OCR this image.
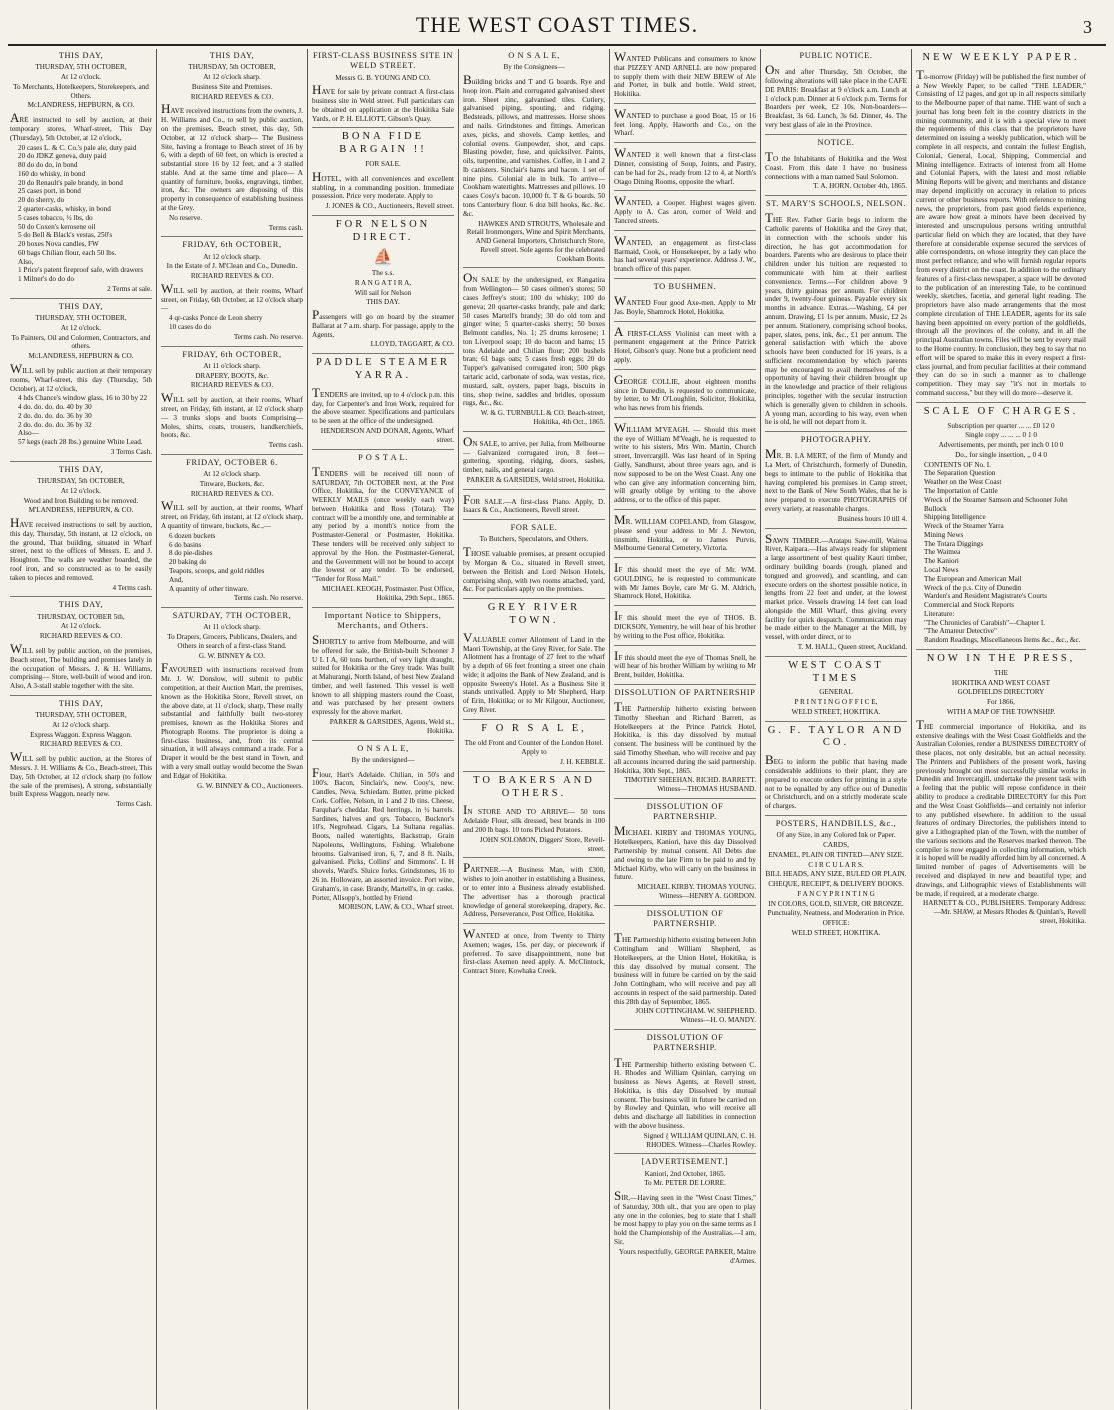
THE WEST COAST TIMES.	3
THIS DAY,
THURSDAY, 5TH OCTOBER,
At 12 o'clock.
To Merchants, Hotelkeepers, Storekeepers, and Others.
McLANDRESS, HEPBURN, & CO.
ARE instructed to sell by auction, at their temporary stores, Wharf-street, This Day (Thursday), 5th October, at 12 o'clock,
20 cases L. & C. Co.'s pale ale, duty paid
20 do JDKZ geneva, duty paid
80 do do do, in bond
160 do whisky, in bond
20 do Renault's pale brandy, in bond
25 cases port, in bond
20 do sherry, do
2 quarter-casks, whisky, in bond
5 cases tobacco, ½ lbs, do
50 do Coxen's kerosene oil
5 do Bell & Black's vestas, 250's
20 boxes Nova candles, FW
60 bags Chilian flour, each 50 lbs.
Also,
1 Price's patent fireproof safe, with drawers
1 Milner's do do do
2 Terms at sale.
THIS DAY,
THURSDAY, 5TH OCTOBER,
At 12 o'clock.
To Painters, Oil and Colormen, Contractors, and others.
McLANDRESS, HEPBURN & CO.
WILL sell by public auction at their temporary rooms, Wharf-street, this day (Thursday, 5th October), at 12 o'clock,
4 hds Chance's window glass, 16 to 30 by 22
4 do. do. do. do. 40 by 30
2 do. do. do. do. 36 by 30
2 do. do. do. do. 36 by 32
Also—
57 kegs (each 28 lbs.) genuine White Lead.
3 Terms Cash.
THIS DAY,
THURSDAY, 5th OCTOBER,
At 12 o'clock.
Wood and Iron Building to be removed.
M'LANDRESS, HEPBURN, & CO.
HAVE received instructions to sell by auction, this day, Thursday, 5th instant, at 12 o'clock, on the ground, That building, situated in Wharf street, next to the offices of Messrs. E. and J. Houghton. The walls are weather boarded, the roof iron, and so constructed as to be easily taken to pieces and removed.
4 Terms cash.
THIS DAY,
THURSDAY, OCTOBER 5th,
At 12 o'clock.
RICHARD REEVES & CO.
WILL sell by public auction, on the premises, Beach street, The building and premises lately in the occupation of Messrs. J. & H. Williams, comprising— Store, well-built of wood and iron. Also, A 3-stall stable together with the site.
THIS DAY,
THURSDAY, 5TH OCTOBER,
At 12 o'clock sharp.
Express Waggon. Express Waggon.
RICHARD REEVES & CO.
WILL sell by public auction, at the Stores of Messrs. J. H. Williams & Co., Beach-street, This Day, 5th October, at 12 o'clock sharp (to follow the sale of the premises), A strong, substantially built Express Waggon, nearly new.
Terms Cash.
THIS DAY,
THURSDAY, 5th OCTOBER,
At 12 o'clock sharp.
Business Site and Premises.
RICHARD REEVES & CO.
HAVE received instructions from the owners, J. H. Williams and Co., to sell by public auction, on the premises, Beach street, this day, 5th October, at 12 o'clock sharp— The Business Site, having a frontage to Beach street of 16 by 6, with a depth of 60 feet, on which is erected a substantial store 16 by 12 feet, and a 3 stalled stable. And at the same time and place— A quantity of furniture, books, engravings, timber, iron, &c. The owners are disposing of this property in consequence of establishing business at the Grey.
No reserve.
Terms cash.
FRIDAY, 6th OCTOBER,
At 12 o'clock sharp.
In the Estate of J. M'Clean and Co., Dunedin.
RICHARD REEVES & CO.
WILL sell by auction, at their rooms, Wharf street, on Friday, 6th October, at 12 o'clock sharp—
4 qr-casks Ponce de Leon sherry
10 cases do do
Terms cash. No reserve.
FRIDAY, 6th OCTOBER,
At 11 o'clock sharp.
DRAPERY, BOOTS, &c.
RICHARD REEVES & CO.
WILL sell by auction, at their rooms, Wharf street, on Friday, 6th instant, at 12 o'clock sharp— 3 trunks slops and boots Comprising— Moles, shirts, coats, trousers, handkerchiefs, boots, &c.
Terms cash.
FRIDAY, OCTOBER 6.
At 12 o'clock sharp.
Tinware, Buckets, &c.
RICHARD REEVES & CO.
WILL sell by auction, at their rooms, Wharf street, on Friday, 6th instant, at 12 o'clock sharp, A quantity of tinware, buckets, &c.,—
6 dozen buckets
6 do basins
8 do pie-dishes
20 baking do
Teapots, scoops, and gold riddles
And,
A quantity of other tinware.
Terms cash. No reserve.
SATURDAY, 7TH OCTOBER,
At 11 o'clock sharp.
To Drapers, Grocers, Publicans, Dealers, and Others in search of a first-class Stand.
G. W. BINNEY & CO.
FAVOURED with instructions received from Mr. J. W. Donslow, will submit to public competition, at their Auction Mart, the premises, known as the Hokitika Store, Revell street, on the above date, at 11 o'clock, sharp, These really substantial and faithfully built two-storey premises, known as the Hokitika Stores and Photograph Rooms. The proprietor is doing a first-class business, and, from its central situation, it will always command a trade. For a Draper it would be the best stand in Town, and with a very small outlay would become the Swan and Edgar of Hokitika.
G. W. BINNEY & CO., Auctioneers.
FIRST-CLASS BUSINESS SITE IN WELD STREET.
Messrs G. B. YOUNG AND CO.
HAVE for sale by private contract A first-class business site in Weld street. Full particulars can be obtained on application at the Hokitika Sale Yards, or P. H. ELLIOTT, Gibson's Quay.
BONA FIDE BARGAIN !!
FOR SALE.
HOTEL, with all conveniences and excellent stabling, in a commanding position. Immediate possession. Price very moderate. Apply to
J. JONES & CO., Auctioneers, Revell street.
FOR NELSON DIRECT.
⛵
The s.s.
R A N G A T I R A,
Will sail for Nelson
THIS DAY.
Passengers will go on board by the steamer Ballarat at 7 a.m. sharp. For passage, apply to the Agents,
LLOYD, TAGGART, & CO.
PADDLE STEAMER YARRA.
TENDERS are invited, up to 4 o'clock p.m. this day, for Carpenter's and Iron Work, required for the above steamer. Specifications and particulars to be seen at the office of the undersigned.
HENDERSON AND DONAR, Agents, Wharf street.
P O S T A L.
TENDERS will be received till noon of SATURDAY, 7th OCTOBER next, at the Post Office, Hokitika, for the CONVEYANCE of WEEKLY MAILS (once weekly each way) between Hokitika and Ross (Totara). The contract will be a monthly one, and terminable at any period by a month's notice from the Postmaster-General or Postmaster, Hokitika. These tenders will be received only subject to approval by the Hon. the Postmaster-General, and the Government will not be bound to accept the lowest or any tender. To be endorsed, "Tender for Ross Mail."
MICHAEL KEOGH, Postmaster. Post Office, Hokitika, 29th Sept., 1865.
Important Notice to Shippers, Merchants, and Others.
SHORTLY to arrive from Melbourne, and will be offered for sale, the British-built Schooner J U L I A, 60 tons burthen, of very light draught, suited for Hokitika or the Grey trade. Was built at Mahurangi, North Island, of best New Zealand timber, and well fastened. This vessel is well known to all shipping masters round the Coast, and was purchased by her present owners expressly for the above market.
PARKER & GARSIDES, Agents, Weld st., Hokitika.
O N S A L E,
By the undersigned—
Flour, Hart's Adelaide. Chilian, in 50's and 100's. Bacon, Sinclair's, new. Cooy's, new. Candles, Neva, Schiedam. Butter, prime picked Cork. Coffee, Nelson, in 1 and 2 lb tins. Cheese, Farquhar's cheddar. Red herrings, in ½ barrels. Sardines, halves and qrs. Tobacco, Bucknor's 10's, Negrohead. Cigars, La Sultana regalias. Boots, nailed watertights, Backstrap, Grain Napoleons, Wellingtons, Fishing. Whalebone brooms. Galvanised iron, 6, 7, and 8 ft. Nails, galvanised. Picks, Collins' and Simmons'. L H shovels, Ward's. Sluice forks. Grindstones, 16 to 26 in. Holloware, an assorted invoice. Port wine, Graham's, in case. Brandy, Martell's, in qr. casks. Porter, Allsopp's, bottled by Friend
MORISON, LAW, & CO., Wharf street.
O N S A L E,
By the Consignees—
Building bricks and T and G boards. Rye and hoop iron. Plain and corrugated galvanised sheet iron. Sheet zinc, galvanised tiles. Cutlery, galvanised piping, spouting, and ridging. Bedsteads, pillows, and mattresses. Horse shoes and nails. Grindstones and fittings. American axes, picks, and shovels. Camp kettles, and colonial ovens. Gunpowder, shot, and caps. Blasting powder, fuse, and quicksilver. Paints, oils, turpentine, and varnishes. Coffee, in 1 and 2 lb canisters. Sinclair's hams and bacon. 1 set of nine pins. Colonial ale in bulk. To arrive— Cookham watertights. Mattresses and pillows. 10 cases Cosy's bacon. 10,000 ft. T & G boards. 50 tons Canterbury flour. 6 doz bill hooks, &c. &c. &c.
HAWKES AND STROUTS, Wholesale and Retail Ironmongers, Wine and Spirit Merchants, AND General Importers, Christchurch Store, Revell street. Sole agents for the celebrated Cookham Boots.
ON SALE by the undersigned, ex Rangatira from Wellington— 50 cases oilmen's stores; 50 cases Jeffrey's stout; 100 do whisky; 100 do geneva; 20 quarter-casks brandy, pale and dark; 50 cases Martell's brandy; 30 do old tom and ginger wine; 5 quarter-casks sherry; 50 boxes Belmont candles, No. 1; 25 drums kerosene; 1 ton Liverpool soap; 10 do bacon and hams; 15 tons Adelaide and Chilian flour; 200 bushels bran; 61 bags oats; 5 cases fresh eggs; 20 do Tupper's galvanised corrugated iron; 500 pkgs tartaric acid, carbonate of soda, wax vestas, rice, mustard, salt, oysters, paper bags, biscuits in tins, shop twine, saddles and bridles, opossum rugs, &c., &c.
W. & G. TURNBULL & CO. Beach-street, Hokitika, 4th Oct., 1865.
ON SALE, to arrive, per Julia, from Melbourne— Galvanized corrugated iron, 8 feet—guttering, spouting, ridging, doors, sashes, timber, nails, and general cargo.
PARKER & GARSIDES, Weld street, Hokitika.
FOR SALE.—A first-class Piano. Apply, D. Isaacs & Co., Auctioneers, Revell street.
FOR SALE.
To Butchers, Speculators, and Others.
THOSE valuable premises, at present occupied by Morgan & Co., situated in Revell street, between the British and Lord Nelson Hotels, comprising shop, with two rooms attached, yard, &c. For particulars apply on the premises.
GREY RIVER TOWN.
VALUABLE corner Allotment of Land in the Maori Township, at the Grey River, for Sale. The Allotment has a frontage of 27 feet to the wharf by a depth of 66 feet fronting a street one chain wide; it adjoins the Bank of New Zealand, and is opposite Sweeny's Hotel. As a Business Site it stands unrivalled. Apply to Mr Shepherd, Harp of Erin, Hokitika; or to Mr Kilgour, Auctioneer, Grey River.
F O R S A L E,
The old Front and Counter of the London Hotel.
Apply to
J. H. KEBBLE.
TO BAKERS AND OTHERS.
IN STORE AND TO ARRIVE— 50 tons Adelaide Flour, silk dressed, best brands in 100 and 200 lb bags. 10 tons Picked Potatoes.
JOHN SOLOMON, Diggers' Store, Revell-street.
PARTNER.—A Business Man, with £300, wishes to join another in establishing a Business, or to enter into a Business already established. The advertiser has a thorough practical knowledge of general storekeeping, drapery, &c. Address, Perseverance, Post Office, Hokitika.
WANTED at once, from Twenty to Thirty Axemen; wages, 15s. per day, or piecework if preferred. To save disappointment, none but first-class Axemen need apply. A. McClintock, Contract Store, Kowhaka Creek.
WANTED Publicans and consumers to know that PIZZEY AND ARNELL are now prepared to supply them with their NEW BREW of Ale and Porter, in bulk and bottle. Weld street, Hokitika.
WANTED to purchase a good Boat, 15 or 16 feet long. Apply, Haworth and Co., on the Wharf.
WANTED it well known that a first-class Dinner, consisting of Soup, Joints, and Pastry, can be had for 2s., ready from 12 to 4, at North's Otago Dining Rooms, opposite the wharf.
WANTED, a Cooper. Highest wages given. Apply to A. Cas aron, corner of Weld and Tancred streets.
WANTED, an engagement as first-class Barmaid, Cook, or Housekeeper, by a lady who has had several years' experience. Address J. W., branch office of this paper.
TO BUSHMEN.
WANTED Four good Axe-men. Apply to Mr Jas. Boyle, Shamrock Hotel, Hokitika.
A FIRST-CLASS Violinist can meet with a permanent engagement at the Prince Patrick Hotel, Gibson's quay. None but a proficient need apply.
GEORGE COLLIE, about eighteen months since in Dunedin, is requested to communicate, by letter, to Mr O'Loughlin, Solicitor, Hokitika, who has news from his friends.
WILLIAM M'VEAGH. — Should this meet the eye of William M'Veagh, he is requested to write to his sisters, Mrs Wm. Martin, Church street, Invercargill. Was last heard of in Spring Gully, Sandhurst, about three years ago, and is now supposed to be on the West Coast. Any one who can give any information concerning him, will greatly oblige by writing to the above address, or to the office of this paper.
MR. WILLIAM COPELAND, from Glasgow, please send your address to Mr J. Newton, tinsmith, Hokitika, or to James Purvis, Melbourne General Cemetery, Victoria.
IF this should meet the eye of Mr. WM. GOULDING, he is requested to communicate with Mr James Boyle, care Mr G. M. Aldrich, Shamrock Hotel, Hokitika.
IF this should meet the eye of THOS. B. DICKSON, Yementry, he will hear of his brother by writing to the Post office, Hokitika.
IF this should meet the eye of Thomas Snell, he will hear of his brother William by writing to Mr Brent, builder, Hokitika.
DISSOLUTION OF PARTNERSHIP
THE Partnership hitherto existing between Timothy Sheehan and Richard Barrett, as Hotelkeepers at the Prince Patrick Hotel, Hokitika, is this day dissolved by mutual consent. The business will be continued by the said Timothy Sheehan, who will receive and pay all accounts incurred during the said partnership. Hokitika, 30th Sept., 1865.
TIMOTHY SHEEHAN. RICHD. BARRETT. Witness—THOMAS HUSBAND.
DISSOLUTION OF PARTNERSHIP.
MICHAEL KIRBY and THOMAS YOUNG, Hotelkeepers, Kaniori, have this day Dissolved Partnership by mutual consent. All Debts due and owing to the late Firm to be paid to and by Michael Kirby, who will carry on the business in future.
MICHAEL KIRBY. THOMAS YOUNG. Witness—HENRY A. GORDON.
DISSOLUTION OF PARTNERSHIP.
THE Partnership hitherto existing between John Cottingham and William Shepherd, as Hotelkeepers, at the Union Hotel, Hokitika, is this day dissolved by mutual consent. The business will in future be carried on by the said John Cottingham, who will receive and pay all accounts in respect of the said partnership. Dated this 28th day of September, 1865.
JOHN COTTINGHAM. W. SHEPHERD. Witness—H. O. MANDY.
DISSOLUTION OF PARTNERSHIP.
THE Partnership hitherto existing between C. H. Rhodes and William Quinlan, carrying on business as News Agents, at Revell street, Hokitika, is this day Dissolved by mutual consent. The business will in future be carried on by Rowley and Quinlan, who will receive all debts and discharge all liabilities in connection with the above business.
Signed { WILLIAM QUINLAN, C. H. RHODES. Witness—Charles Rowley.
[ADVERTISEMENT.]
Kaniori, 2nd October, 1865.
To Mr. PETER DE LORRE.
SIR,—Having seen in the "West Coast Times," of Saturday, 30th ult., that you are open to play any one in the colonies, beg to state that I shall be most happy to play you on the same terms as I hold the Championship of the Australias.—I am, Sir,
Yours respectfully, GEORGE PARKER, Maître d'Armes.
PUBLIC NOTICE.
ON and after Thursday, 5th October, the following alterations will take place in the CAFE DE PARIS: Breakfast at 9 o'clock a.m. Lunch at 1 o'clock p.m. Dinner at 6 o'clock p.m. Terms for Boarders per week, £2 10s. Non-boarders— Breakfast, 3s 6d. Lunch, 3s 6d. Dinner, 4s. The very best glass of ale in the Province.
NOTICE.
TO the Inhabitants of Hokitika and the West Coast. From this date I have no business connections with a man named Saul Solomon.
T. A. HORN. October 4th, 1865.
ST. MARY'S SCHOOLS, NELSON.
THE Rev. Father Garin begs to inform the Catholic parents of Hokitika and the Grey that, in connection with the schools under his direction, he has got accommodation for boarders. Parents who are desirous to place their children under his tuition are requested to communicate with him at their earliest convenience. Terms.—For children above 9 years, thirty guineas per annum. For children under 9, twenty-four guineas. Payable every six months in advance. Extras.—Washing, £4 per annum. Drawing, £1 1s per annum. Music, £2 2s per annum. Stationery, comprising school books, paper, slates, pens, ink, &c., £1 per annum. The general satisfaction with which the above schools have been conducted for 16 years, is a sufficient recommendation by which parents may be encouraged to avail themselves of the opportunity of having their children brought up in the knowledge and practice of their religious principles, together with the secular instruction which is generally given to children in schools. A young man, according to his way, even when he is old, he will not depart from it.
PHOTOGRAPHY.
MR. B. LA MERT, of the firm of Mundy and La Mert, of Christchurch, formerly of Dunedin, begs to intimate to the public of Hokitika that having completed his premises in Camp street, next to the Bank of New South Wales, that he is now prepared to execute PHOTOGRAPHS Of every variety, at reasonable charges.
Business hours 10 till 4.
SAWN TIMBER.—Aratapu Saw-mill, Wairoa River, Kaipara.—Has always ready for shipment a large assortment of best quality Kauri timber, ordinary building boards (rough, planed and tongued and grooved), and scantling, and can execute orders on the shortest possible notice, in lengths from 22 feet and under, at the lowest market price. Vessels drawing 14 feet can load alongside the Mill Wharf, thus giving every facility for quick despatch. Communication may be made either to the Manager at the Mill, by vessel, with order direct, or to
T. M. HALL, Queen street, Auckland.
WEST COAST TIMES
GENERAL
P R I N T I N G O F F I C E,
WELD STREET, HOKITIKA.
G. F. TAYLOR AND CO.
BEG to inform the public that having made considerable additions to their plant, they are prepared to execute orders for printing in a style not to be equalled by any office out of Dunedin or Christchurch, and on a strictly moderate scale of charges.
POSTERS, HANDBILLS, &c.,
Of any Size, in any Colored Ink or Paper.
CARDS,
ENAMEL, PLAIN OR TINTED—ANY SIZE.
C I R C U L A R S.
BILL HEADS, ANY SIZE, RULED OR PLAIN.
CHEQUE, RECEIPT, & DELIVERY BOOKS.
F A N C Y P R I N T I N G
IN COLORS, GOLD, SILVER, OR BRONZE.
Punctuality, Neatness, and Moderation in Price.
OFFICE:
WELD STREET, HOKITIKA.
NEW WEEKLY PAPER.
To-morrow (Friday) will be published the first number of a New Weekly Paper, to be called "THE LEADER," Consisting of 12 pages, and got up in all respects similarly to the Melbourne paper of that name. THE want of such a journal has long been felt in the country districts in the mining community, and it is with a special view to meet the requirements of this class that the proprietors have determined on issuing a weekly publication, which will be complete in all respects, and contain the fullest English, Colonial, General, Local, Shipping, Commercial and Mining intelligence. Extracts of interest from all Home and Colonial Papers, with the latest and most reliable Mining Reports will be given; and merchants and distance may depend implicitly on accuracy in relation to prices current or other business reports. With reference to mining news, the proprietors, from past good fields experience, are aware how great a minors have been deceived by interested and unscrupulous persons writing untruthful particular field on which they are located, that they have therefore at considerable expense secured the services of able correspondents, on whose integrity they can place the most perfect reliance, and who will furnish regular reports from every district on the coast. In addition to the ordinary features of a first-class newspaper, a space will be devoted to the publication of an interesting Tale, to be continued weekly, sketches, facetia, and general light reading. The proprietors have also made arrangements that the most complete circulation of THE LEADER, agents for its sale having been appointed on every portion of the goldfields, through all the provinces of the colony, and in all the principal Australian towns. Files will be sent by every mail to the Home country. In conclusion, they beg to say that no effort will be spared to make this in every respect a first-class journal, and from peculiar facilities at their command they can do so in such a manner as to challenge competition. They may say "it's not in mortals to command success," but they will do more—deserve it.
SCALE OF CHARGES.
Subscription per quarter ... ... £0 12 0
Single copy ... ... ... 0 1 0
Advertisements, per month, per inch 0 10 0
Do., for single insertion, ,, 0 4 0
CONTENTS OF No. I.
The Separation Question
Weather on the West Coast
The Importation of Cattle
Wreck of the Steamer Samson and Schooner John Bullock
Shipping Intelligence
Wreck of the Steamer Yarra
Mining News
The Totara Diggings
The Waimea
The Kaniori
Local News
The European and American Mail
Wreck of the p.s. City of Dunedin
Warden's and Resident Magistrate's Courts
Commercial and Stock Reports
Literature:
"The Chronicles of Carabish"—Chapter I.
"The Amateur Detective"
Random Readings, Miscellaneous Items &c., &c., &c.
NOW IN THE PRESS,
THE
HOKITIKA AND WEST COAST
GOLDFIELDS DIRECTORY
For 1866,
WITH A MAP OF THE TOWNSHIP.
THE commercial importance of Hokitika, and its extensive dealings with the West Coast Goldfields and the Australian Colonies, render a BUSINESS DIRECTORY of these places, not only desirable, but an actual necessity. The Printers and Publishers of the present work, having previously brought out most successfully similar works in Dunedin and Invercargill, undertake the present task with a feeling that the public will repose confidence in their ability to produce a creditable DIRECTORY for this Port and the West Coast Goldfields—and certainly not inferior to any published elsewhere. In addition to the usual features of ordinary Directories, the publishers intend to give a Lithographed plan of the Town, with the number of the various sections and the Reserves marked thereon. The compiler is now engaged in collecting information, which it is hoped will be readily afforded him by all concerned. A limited number of pages of Advertisements will be received and displayed in new and beautiful type; and drawings, and Lithographic views of Establishments will be made, if required, at a moderate charge.
HARNETT & CO., PUBLISHERS. Temporary Address:—Mr. SHAW, at Messrs Rhodes & Quinlan's, Revell street, Hokitika.
